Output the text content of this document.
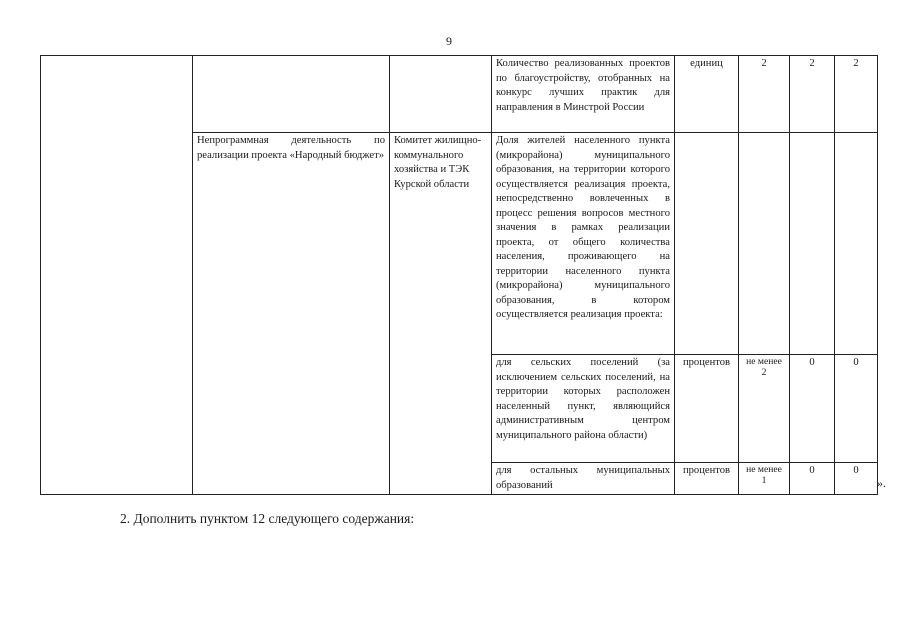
9
			Количество реализованных проектов по благоустройству, отобранных на конкурс лучших практик для направления в Минстрой России	единиц	2	2	2
	Непрограммная деятельность по реализации проекта «Народный бюджет»	Комитет жилищно-коммунального хозяйства и ТЭК Курской области	Доля жителей населенного пункта (микрорайона) муниципального образования, на территории которого осуществляется реализация проекта, непосредственно вовлеченных в процесс решения вопросов местного значения в рамках реализации проекта, от общего количества населения, проживающего на территории населенного пункта (микрорайона) муниципального образования, в котором осуществляется реализация проекта:				
			для сельских поселений (за исключением сельских поселений, на территории которых расположен населенный пункт, являющийся административным центром муниципального района области)	процентов	не менее 2	0	0
			для остальных муниципальных образований	процентов	не менее 1	0	0
».
2. Дополнить пунктом 12 следующего содержания:
